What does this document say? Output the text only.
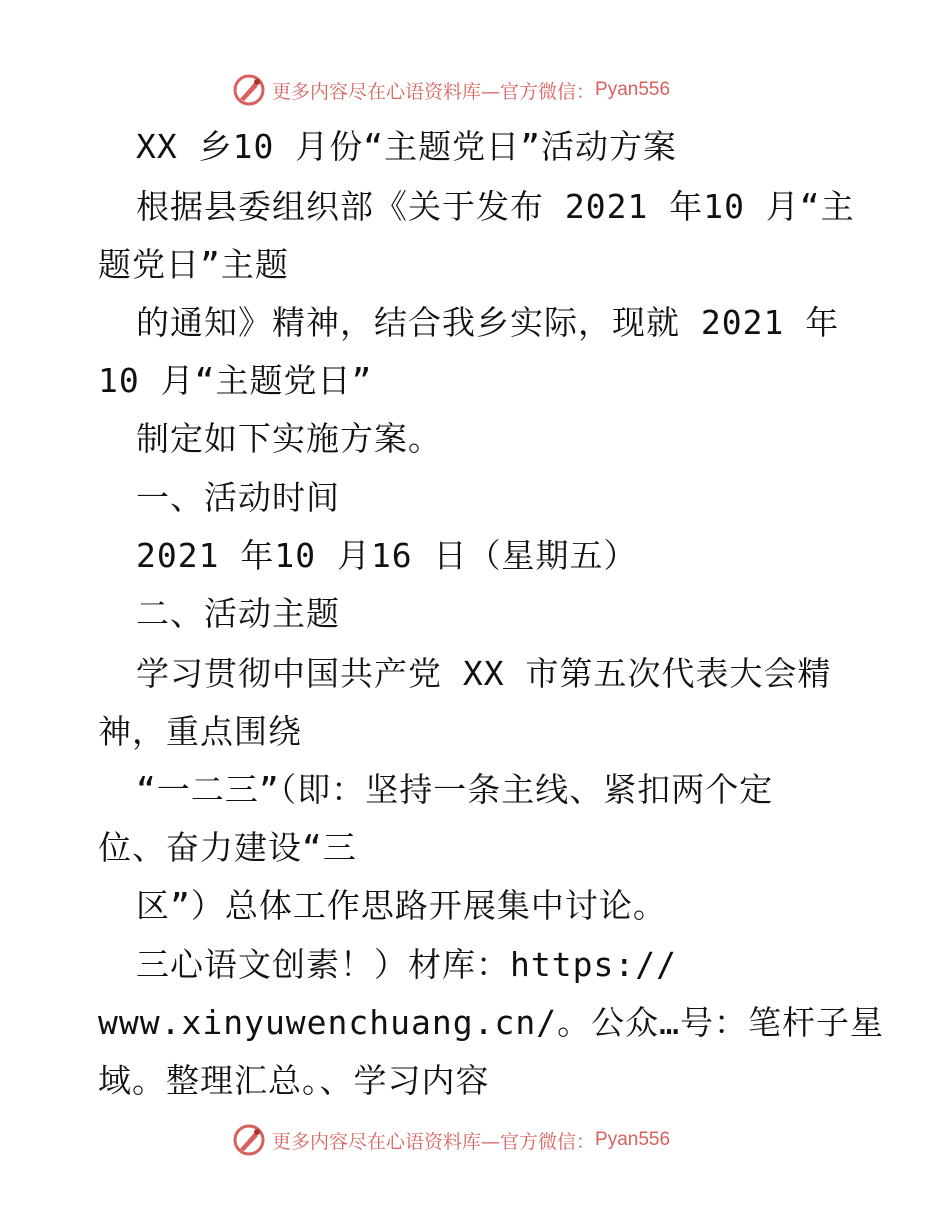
更多内容尽在心语资料库—官方微信： Pyan556
XX 乡10 月份“主题党日”活动方案
根据县委组织部《关于发布 2021 年10 月“主
题党日”主题
的通知》精神，结合我乡实际，现就 2021 年
10 月“主题党日”
制定如下实施方案。
一、活动时间
2021 年10 月16 日（星期五）
二、活动主题
学习贯彻中国共产党 XX 市第五次代表大会精
神，重点围绕
“一二三”（即：坚持一条主线、紧扣两个定
位、奋力建设“三
区”）总体工作思路开展集中讨论。
三心语文创素！）材库：https://
www.xinyuwenchuang.cn/。公众…号：笔杆子星
域。整理汇总。、学习内容
更多内容尽在心语资料库—官方微信： Pyan556
